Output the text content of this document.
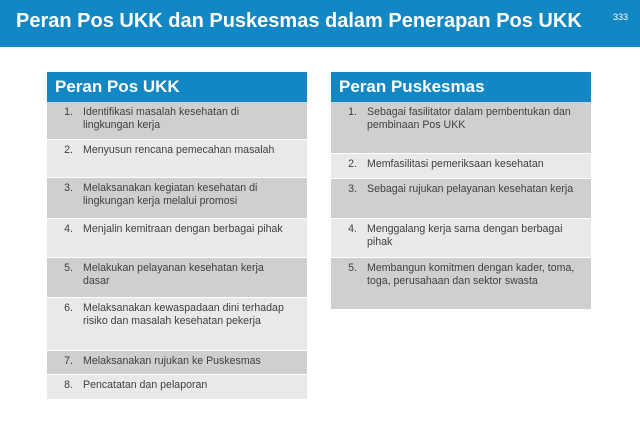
Peran Pos UKK dan Puskesmas dalam Penerapan Pos UKK	333
Peran Pos UKK
1. Identifikasi masalah kesehatan di lingkungan kerja
2. Menyusun rencana pemecahan masalah
3. Melaksanakan kegiatan kesehatan di lingkungan kerja melalui promosi
4. Menjalin kemitraan dengan berbagai pihak
5. Melakukan pelayanan kesehatan kerja dasar
6. Melaksanakan kewaspadaan dini terhadap risiko dan masalah kesehatan pekerja
7. Melaksanakan rujukan ke Puskesmas
8. Pencatatan dan pelaporan
Peran Puskesmas
1. Sebagai fasilitator dalam pembentukan dan pembinaan Pos UKK
2. Memfasilitasi pemeriksaan kesehatan
3. Sebagai rujukan pelayanan kesehatan kerja
4. Menggalang kerja sama dengan berbagai pihak
5. Membangun komitmen dengan kader, toma, toga, perusahaan dan sektor swasta
